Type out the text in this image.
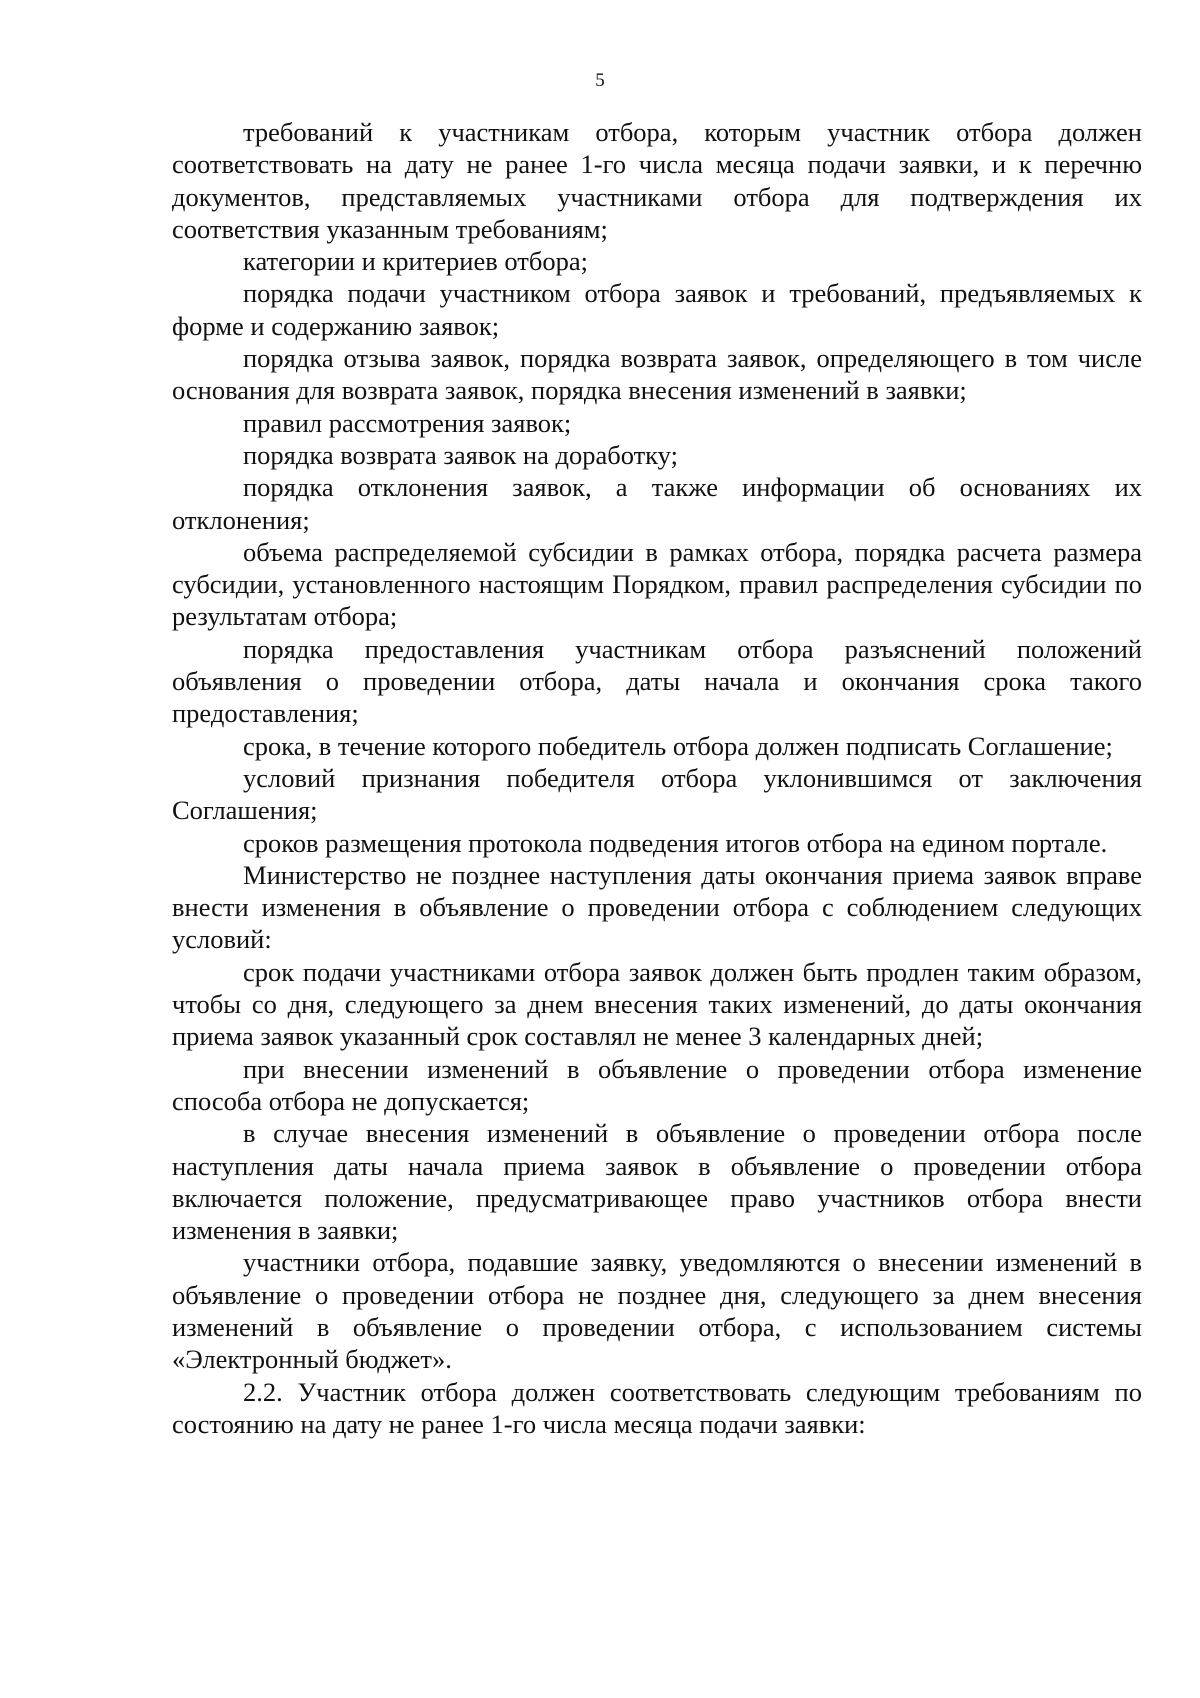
5

требований к участникам отбора, которым участник отбора должен соответствовать на дату не ранее 1-го числа месяца подачи заявки, и к перечню документов, представляемых участниками отбора для подтверждения их соответствия указанным требованиям;

категории и критериев отбора;

порядка подачи участником отбора заявок и требований, предъявляемых к форме и содержанию заявок;

порядка отзыва заявок, порядка возврата заявок, определяющего в том числе основания для возврата заявок, порядка внесения изменений в заявки;

правил рассмотрения заявок;

порядка возврата заявок на доработку;

порядка отклонения заявок, а также информации об основаниях их отклонения;

объема распределяемой субсидии в рамках отбора, порядка расчета размера субсидии, установленного настоящим Порядком, правил распределения субсидии по результатам отбора;

порядка предоставления участникам отбора разъяснений положений объявления о проведении отбора, даты начала и окончания срока такого предоставления;

срока, в течение которого победитель отбора должен подписать Соглашение;

условий признания победителя отбора уклонившимся от заключения Соглашения;

сроков размещения протокола подведения итогов отбора на едином портале.

Министерство не позднее наступления даты окончания приема заявок вправе внести изменения в объявление о проведении отбора с соблюдением следующих условий:

срок подачи участниками отбора заявок должен быть продлен таким образом, чтобы со дня, следующего за днем внесения таких изменений, до даты окончания приема заявок указанный срок составлял не менее 3 календарных дней;

при внесении изменений в объявление о проведении отбора изменение способа отбора не допускается;

в случае внесения изменений в объявление о проведении отбора после наступления даты начала приема заявок в объявление о проведении отбора включается положение, предусматривающее право участников отбора внести изменения в заявки;

участники отбора, подавшие заявку, уведомляются о внесении изменений в объявление о проведении отбора не позднее дня, следующего за днем внесения изменений в объявление о проведении отбора, с использованием системы «Электронный бюджет».

2.2. Участник отбора должен соответствовать следующим требованиям по состоянию на дату не ранее 1-го числа месяца подачи заявки:
